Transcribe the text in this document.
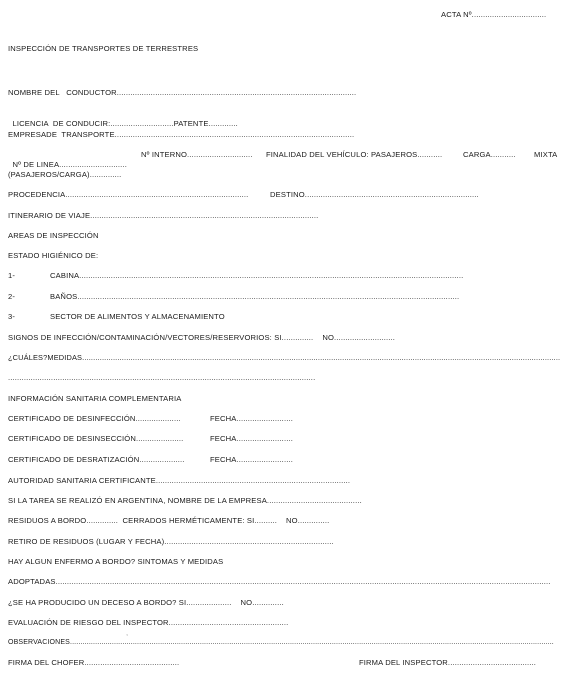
ACTA Nº.................................
INSPECCIÓN DE TRANSPORTES DE TERRESTRES
NOMBRE DEL   CONDUCTOR..........................................................................................................

LICENCIA  DE CONDUCIR:............................PATENTE.............

EMPRESADE  TRANSPORTE..........................................................................................................

Nº DE LINEA..............................

Nº INTERNO............................. FINALIDAD DEL VEHÍCULO: PASAJEROS...........	CARGA........... MIXTA
(PASAJEROS/CARGA)..............
PROCEDENCIA.................................................................................	DESTINO.............................................................................
ITINERARIO DE VIAJE.....................................................................................................
AREAS DE INSPECCIÓN
ESTADO HIGIÉNICO DE:
1-	CABINA..........................................................................................................................................................................
2-	BAÑOS.........................................................................................................................................................................
3-	SECTOR DE ALIMENTOS Y ALMACENAMIENTO
SIGNOS DE INFECCIÓN/CONTAMINACIÓN/VECTORES/RESERVORIOS: SI..............    NO...........................
¿CUÁLES?MEDIDAS.........................................................................................................................................................................................................................
........................................................................................................................................
INFORMACIÓN SANITARIA COMPLEMENTARIA
CERTIFICADO DE DESINFECCIÓN....................	FECHA.........................
CERTIFICADO DE DESINSECCIÓN.....................	FECHA.........................
CERTIFICADO DE DESRATIZACIÓN....................	FECHA.........................
AUTORIDAD SANITARIA CERTIFICANTE......................................................................................
SI LA TAREA SE REALIZÓ EN ARGENTINA, NOMBRE DE LA EMPRESA..........................................
RESIDUOS A BORDO..............  CERRADOS HERMÉTICAMENTE: SI..........    NO..............
RETIRO DE RESIDUOS (LUGAR Y FECHA)...........................................................................
HAY ALGUN ENFERMO A BORDO? SINTOMAS Y MEDIDAS
ADOPTADAS...........................................................................................................................................................................................................................
¿SE HA PRODUCIDO UN DECESO A BORDO? SI....................    NO..............
EVALUACIÓN DE RIESGO DEL INSPECTOR.....................................................
,
OBSERVACIONES.......................................................................................................................................................................................................................................
FIRMA DEL CHOFER..........................................	FIRMA DEL INSPECTOR.......................................
